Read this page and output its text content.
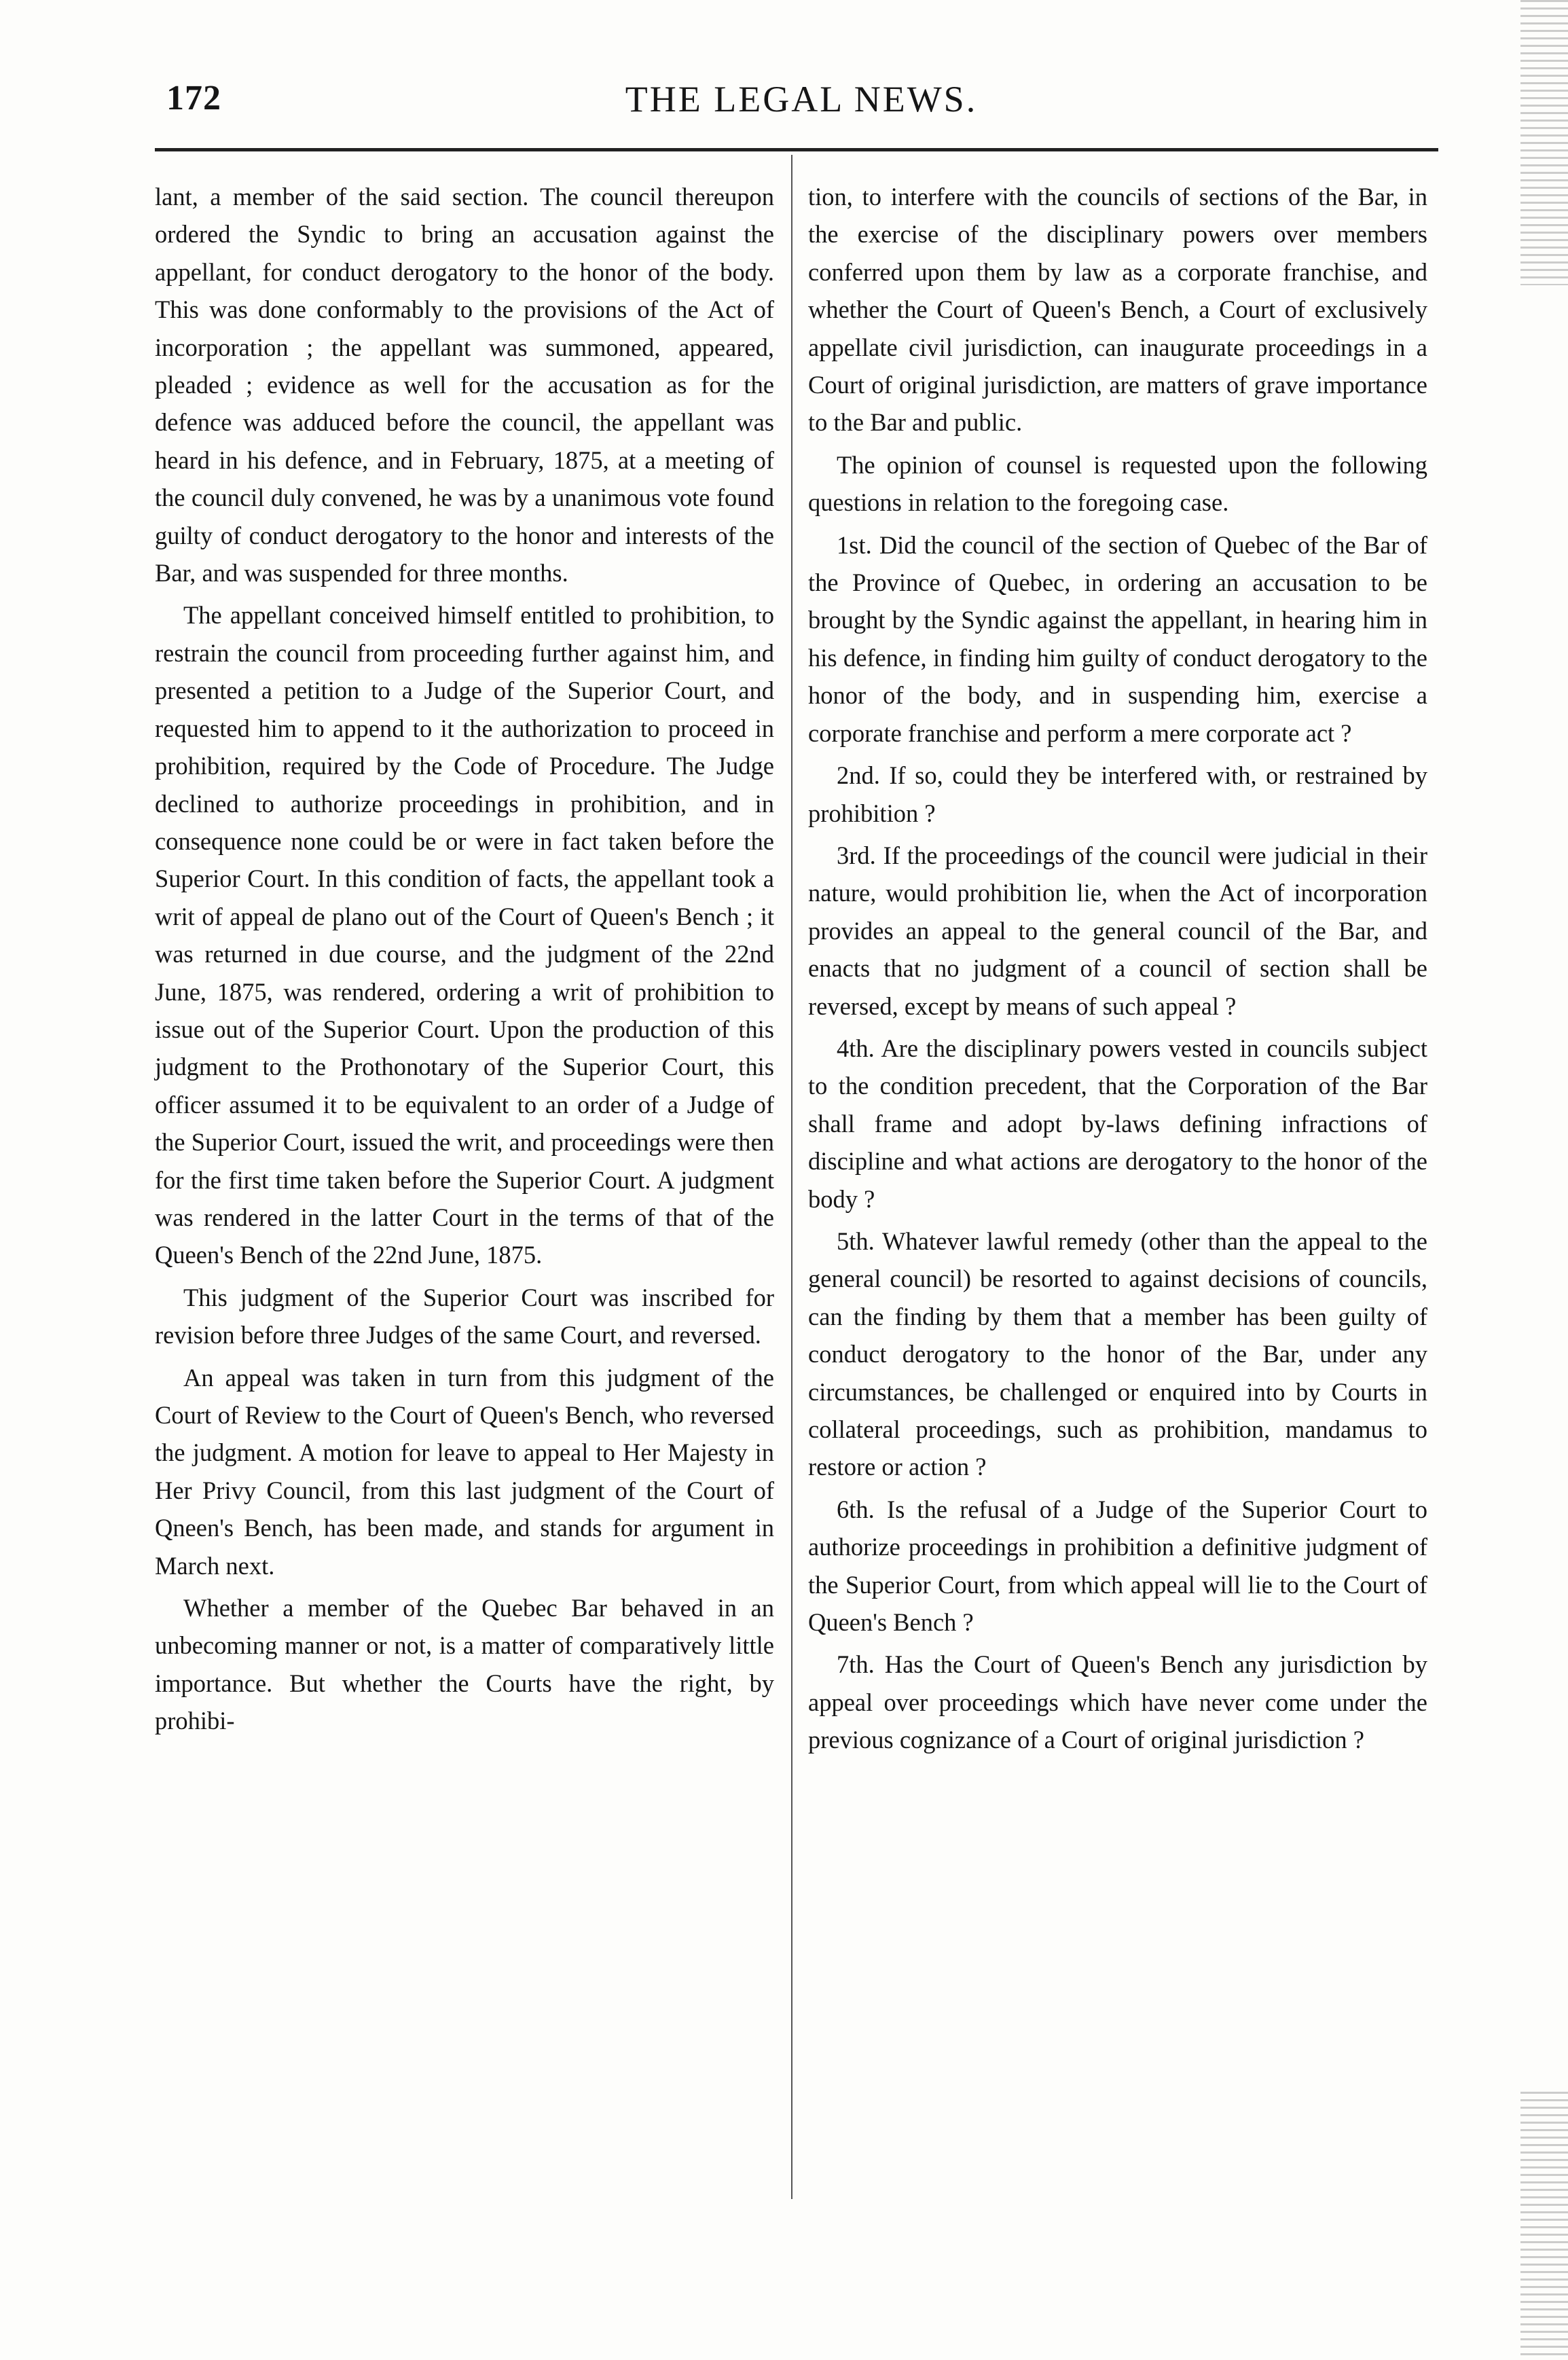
172	THE LEGAL NEWS.

lant, a member of the said section. The council thereupon ordered the Syndic to bring an accusation against the appellant, for conduct derogatory to the honor of the body. This was done conformably to the provisions of the Act of incorporation ; the appellant was summoned, appeared, pleaded ; evidence as well for the accusation as for the defence was adduced before the council, the appellant was heard in his defence, and in February, 1875, at a meeting of the council duly convened, he was by a unanimous vote found guilty of conduct derogatory to the honor and interests of the Bar, and was suspended for three months.

The appellant conceived himself entitled to prohibition, to restrain the council from proceeding further against him, and presented a petition to a Judge of the Superior Court, and requested him to append to it the authorization to proceed in prohibition, required by the Code of Procedure. The Judge declined to authorize proceedings in prohibition, and in consequence none could be or were in fact taken before the Superior Court. In this condition of facts, the appellant took a writ of appeal de plano out of the Court of Queen's Bench ; it was returned in due course, and the judgment of the 22nd June, 1875, was rendered, ordering a writ of prohibition to issue out of the Superior Court. Upon the production of this judgment to the Prothonotary of the Superior Court, this officer assumed it to be equivalent to an order of a Judge of the Superior Court, issued the writ, and proceedings were then for the first time taken before the Superior Court. A judgment was rendered in the latter Court in the terms of that of the Queen's Bench of the 22nd June, 1875.

This judgment of the Superior Court was inscribed for revision before three Judges of the same Court, and reversed.

An appeal was taken in turn from this judgment of the Court of Review to the Court of Queen's Bench, who reversed the judgment. A motion for leave to appeal to Her Majesty in Her Privy Council, from this last judgment of the Court of Qneen's Bench, has been made, and stands for argument in March next.

Whether a member of the Quebec Bar behaved in an unbecoming manner or not, is a matter of comparatively little importance. But whether the Courts have the right, by prohibi-

tion, to interfere with the councils of sections of the Bar, in the exercise of the disciplinary powers over members conferred upon them by law as a corporate franchise, and whether the Court of Queen's Bench, a Court of exclusively appellate civil jurisdiction, can inaugurate proceedings in a Court of original jurisdiction, are matters of grave importance to the Bar and public.

The opinion of counsel is requested upon the following questions in relation to the foregoing case.

1st. Did the council of the section of Quebec of the Bar of the Province of Quebec, in ordering an accusation to be brought by the Syndic against the appellant, in hearing him in his defence, in finding him guilty of conduct derogatory to the honor of the body, and in suspending him, exercise a corporate franchise and perform a mere corporate act ?

2nd. If so, could they be interfered with, or restrained by prohibition ?

3rd. If the proceedings of the council were judicial in their nature, would prohibition lie, when the Act of incorporation provides an appeal to the general council of the Bar, and enacts that no judgment of a council of section shall be reversed, except by means of such appeal ?

4th. Are the disciplinary powers vested in councils subject to the condition precedent, that the Corporation of the Bar shall frame and adopt by-laws defining infractions of discipline and what actions are derogatory to the honor of the body ?

5th. Whatever lawful remedy (other than the appeal to the general council) be resorted to against decisions of councils, can the finding by them that a member has been guilty of conduct derogatory to the honor of the Bar, under any circumstances, be challenged or enquired into by Courts in collateral proceedings, such as prohibition, mandamus to restore or action ?

6th. Is the refusal of a Judge of the Superior Court to authorize proceedings in prohibition a definitive judgment of the Superior Court, from which appeal will lie to the Court of Queen's Bench ?

7th. Has the Court of Queen's Bench any jurisdiction by appeal over proceedings which have never come under the previous cognizance of a Court of original jurisdiction ?
